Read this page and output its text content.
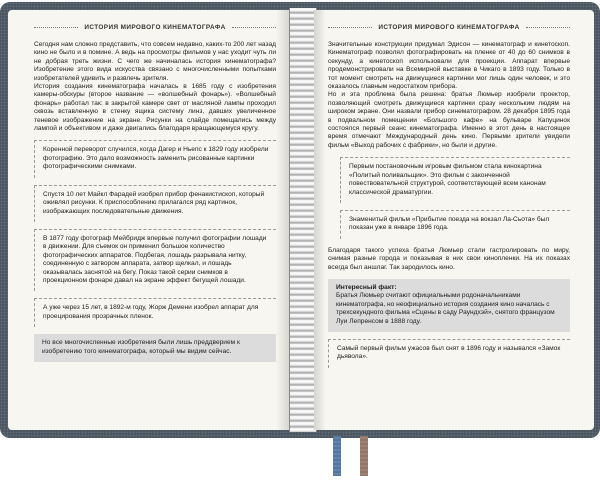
ИСТОРИЯ МИРОВОГО КИНЕМАТОГРАФА

Сегодня нам сложно представить, что совсем недавно, каких-то 200 лет назад кино не было и в помине. А ведь на просмотры фильмов у нас уходит чуть ли не добрая треть жизни. С чего же начиналась история кинематографа? Изобретение этого вида искусства связано с многочисленными попытками изобретателей удивить и развлечь зрителя.

История создания кинематографа началась в 1685 году с изобретения камеры-обскуры (второе название — «волшебный фонарь»). «Волшебный фонарь» работал так: в закрытой камере свет от масляной лампы проходил сквозь вставленную в стенку ящика систему линз, давших увеличенное теневое изображение на экране. Рисунки на слайде помещались между лампой и объективом и даже двигались благодаря вращающемуся кругу.

Коренной переворот случился, когда Дагер и Ньепс к 1829 году изобрели фотографию. Это дало возможность заменить рисованные картинки фотографическими снимками.

Спустя 10 лет Майкл Фарадей изобрел прибор фенакистископ, который оживлял рисунки. К приспособлению прилагался ряд картинок, изображающих последовательные движения.

В 1877 году фотограф Мейбридж впервые получил фотографии лошади в движении. Для съемок он применил большое количество фотографических аппаратов. Подбегая, лошадь разрывала нитку, соединенную с затвором аппарата, затвор щелкал, и лошадь оказывалась заснятой на бегу. Показ такой серии снимков в проекционном фонаре давал на экране эффект бегущей лошади.

А уже через 15 лет, в 1892-м году, Жорж Демени изобрел аппарат для проецирования прозрачных пленок.

Но все многочисленные изобретения были лишь преддверием к изобретению того кинематографа, который мы видим сейчас.

ИСТОРИЯ МИРОВОГО КИНЕМАТОГРАФА

Значительные конструкции придумал Эдисон — кинематограф и кинетоскоп. Кинематограф позволял фотографировать на пленке от 40 до 60 снимков в секунду, а кинетоскоп использовали для проекции. Аппарат впервые продемонстрировали на Всемирной выставке в Чикаго в 1893 году. Только в тот момент смотреть на движущиеся картинки мог лишь один человек, и это оказалось главным недостатком прибора.

Но и эта проблема была решена: братья Люмьер изобрели проектор, позволяющий смотреть движущиеся картинки сразу нескольким людям на широком экране. Они назвали прибор синематографом. 28 декабря 1895 года в подвальном помещении «Большого кафе» на бульваре Капуцинок состоялся первый сеанс кинематографа. Именно в этот день в настоящее время отмечают Международный день кино. Первыми зрители увидели фильм «Выход рабочих с фабрики», но были и другие.

Первым постановочным игровым фильмом стала кинокартина «Политый поливальщик». Это фильм с законченной повествовательной структурой, соответствующей всем канонам классической драматургии.

Знаменитый фильм «Прибытие поезда на вокзал Ла-Сьота» был показан уже в январе 1896 года.

Благодаря такого успеха братья Люмьер стали гастролировать по миру, снимая разные города и показывая в них свои кинопленки. На их показах всегда был аншлаг. Так зародилось кино.

Интересный факт:

Братья Люмьер считают официальными родоначальниками кинематографа, но неофициально история создания кино началась с трехсекундного фильма «Сцены в саду Раундхэй», снятого французом Луи Лепренсом в 1888 году.

Самый первый фильм ужасов был снят в 1896 году и назывался «Замок дьявола».
